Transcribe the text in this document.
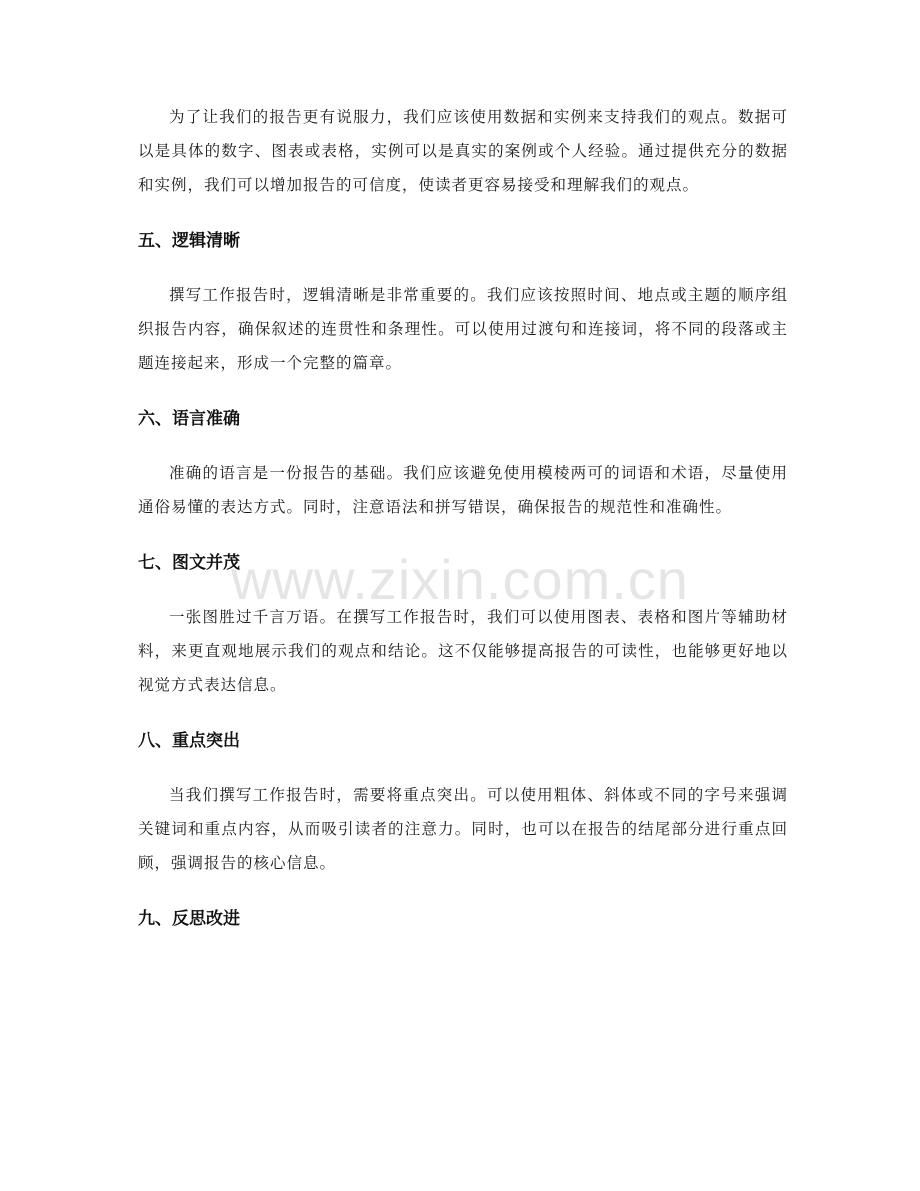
为了让我们的报告更有说服力，我们应该使用数据和实例来支持我们的观点。数据可以是具体的数字、图表或表格，实例可以是真实的案例或个人经验。通过提供充分的数据和实例，我们可以增加报告的可信度，使读者更容易接受和理解我们的观点。

五、逻辑清晰

撰写工作报告时，逻辑清晰是非常重要的。我们应该按照时间、地点或主题的顺序组织报告内容，确保叙述的连贯性和条理性。可以使用过渡句和连接词，将不同的段落或主题连接起来，形成一个完整的篇章。

六、语言准确

准确的语言是一份报告的基础。我们应该避免使用模棱两可的词语和术语，尽量使用通俗易懂的表达方式。同时，注意语法和拼写错误，确保报告的规范性和准确性。

七、图文并茂

一张图胜过千言万语。在撰写工作报告时，我们可以使用图表、表格和图片等辅助材料，来更直观地展示我们的观点和结论。这不仅能够提高报告的可读性，也能够更好地以视觉方式表达信息。

八、重点突出

当我们撰写工作报告时，需要将重点突出。可以使用粗体、斜体或不同的字号来强调关键词和重点内容，从而吸引读者的注意力。同时，也可以在报告的结尾部分进行重点回顾，强调报告的核心信息。

九、反思改进
www.zixin.com.cn
